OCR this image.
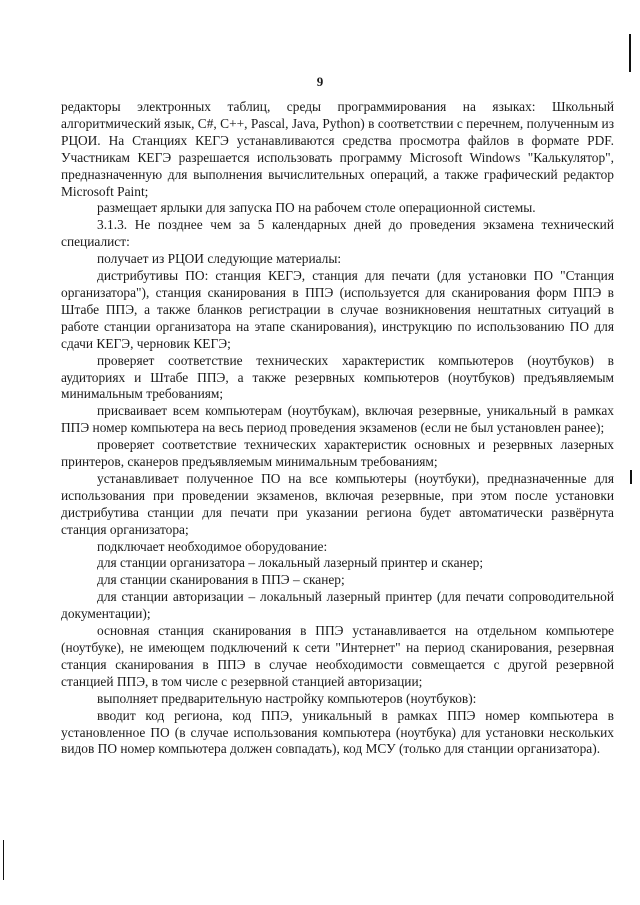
9

редакторы электронных таблиц, среды программирования на языках: Школьный алгоритмический язык, C#, C++, Pascal, Java, Python) в соответствии с перечнем, полученным из РЦОИ. На Станциях КЕГЭ устанавливаются средства просмотра файлов в формате PDF. Участникам КЕГЭ разрешается использовать программу Microsoft Windows "Калькулятор", предназначенную для выполнения вычислительных операций, а также графический редактор Microsoft Paint;

размещает ярлыки для запуска ПО на рабочем столе операционной системы.

3.1.3. Не позднее чем за 5 календарных дней до проведения экзамена технический специалист:

получает из РЦОИ следующие материалы:

дистрибутивы ПО: станция КЕГЭ, станция для печати (для установки ПО "Станция организатора"), станция сканирования в ППЭ (используется для сканирования форм ППЭ в Штабе ППЭ, а также бланков регистрации в случае возникновения нештатных ситуаций в работе станции организатора на этапе сканирования), инструкцию по использованию ПО для сдачи КЕГЭ, черновик КЕГЭ;

проверяет соответствие технических характеристик компьютеров (ноутбуков) в аудиториях и Штабе ППЭ, а также резервных компьютеров (ноутбуков) предъявляемым минимальным требованиям;

присваивает всем компьютерам (ноутбукам), включая резервные, уникальный в рамках ППЭ номер компьютера на весь период проведения экзаменов (если не был установлен ранее);

проверяет соответствие технических характеристик основных и резервных лазерных принтеров, сканеров предъявляемым минимальным требованиям;

устанавливает полученное ПО на все компьютеры (ноутбуки), предназначенные для использования при проведении экзаменов, включая резервные, при этом после установки дистрибутива станции для печати при указании региона будет автоматически развёрнута станция организатора;

подключает необходимое оборудование:

для станции организатора – локальный лазерный принтер и сканер;

для станции сканирования в ППЭ – сканер;

для станции авторизации – локальный лазерный принтер (для печати сопроводительной документации);

основная станция сканирования в ППЭ устанавливается на отдельном компьютере (ноутбуке), не имеющем подключений к сети "Интернет" на период сканирования, резервная станция сканирования в ППЭ в случае необходимости совмещается с другой резервной станцией ППЭ, в том числе с резервной станцией авторизации;

выполняет предварительную настройку компьютеров (ноутбуков):

вводит код региона, код ППЭ, уникальный в рамках ППЭ номер компьютера в установленное ПО (в случае использования компьютера (ноутбука) для установки нескольких видов ПО номер компьютера должен совпадать), код МСУ (только для станции организатора).
